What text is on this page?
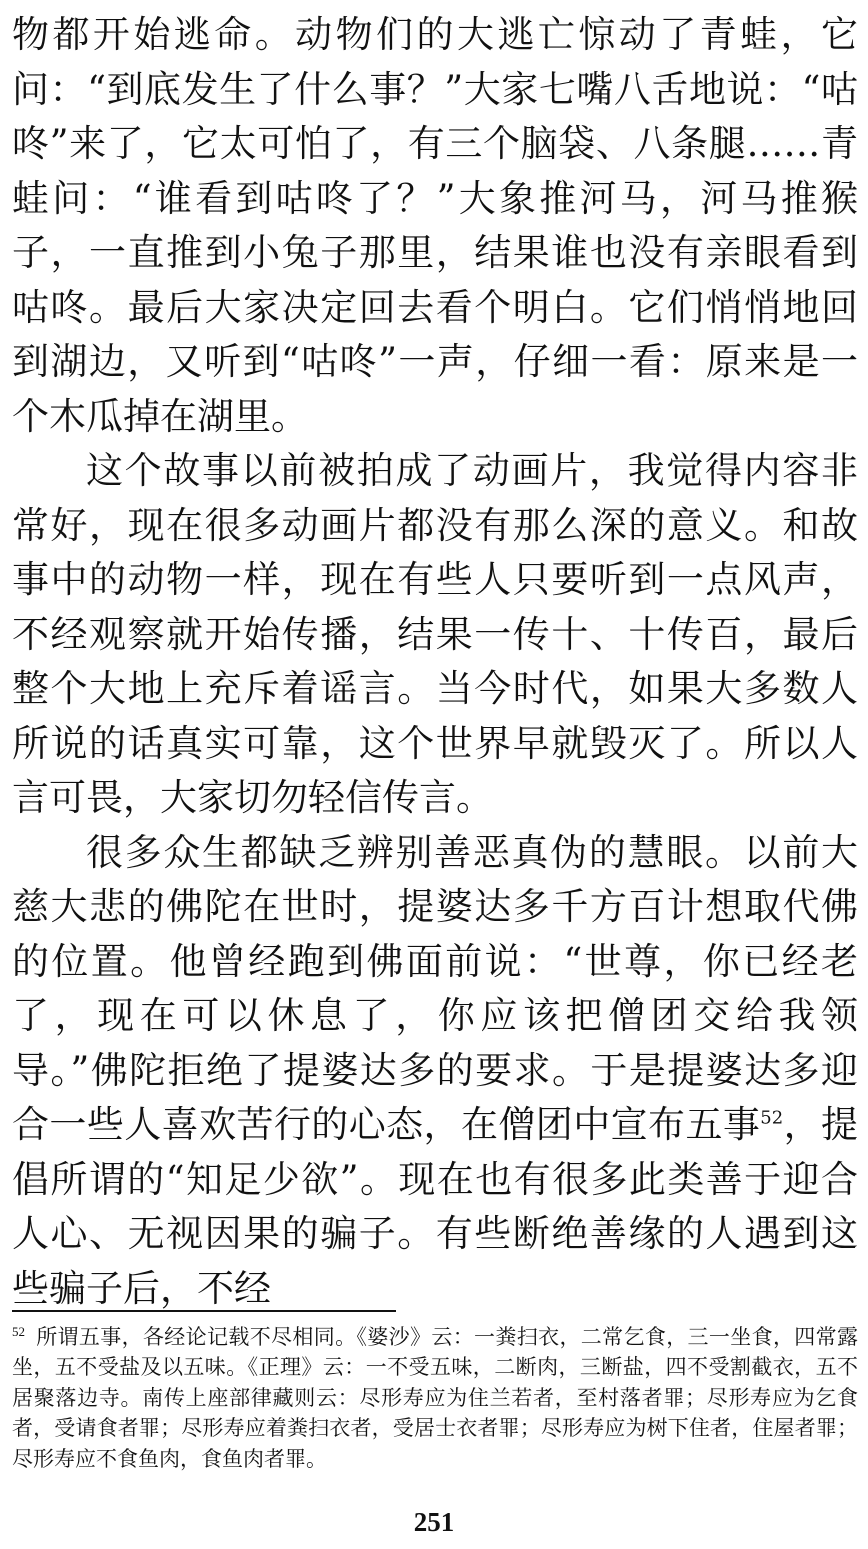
物都开始逃命。动物们的大逃亡惊动了青蛙，它问：“到底发生了什么事？”大家七嘴八舌地说：“咕咚”来了，它太可怕了，有三个脑袋、八条腿……青蛙问：“谁看到咕咚了？”大象推河马，河马推猴子，一直推到小兔子那里，结果谁也没有亲眼看到咕咚。最后大家决定回去看个明白。它们悄悄地回到湖边，又听到“咕咚”一声，仔细一看：原来是一个木瓜掉在湖里。

这个故事以前被拍成了动画片，我觉得内容非常好，现在很多动画片都没有那么深的意义。和故事中的动物一样，现在有些人只要听到一点风声，不经观察就开始传播，结果一传十、十传百，最后整个大地上充斥着谣言。当今时代，如果大多数人所说的话真实可靠，这个世界早就毁灭了。所以人言可畏，大家切勿轻信传言。

很多众生都缺乏辨别善恶真伪的慧眼。以前大慈大悲的佛陀在世时，提婆达多千方百计想取代佛的位置。他曾经跑到佛面前说：“世尊，你已经老了，现在可以休息了，你应该把僧团交给我领导。”佛陀拒绝了提婆达多的要求。于是提婆达多迎合一些人喜欢苦行的心态，在僧团中宣布五事$^{52}$，提倡所谓的“知足少欲”。现在也有很多此类善于迎合人心、无视因果的骗子。有些断绝善缘的人遇到这些骗子后，不经

$^{52}$ 所谓五事，各经论记载不尽相同。《婆沙》云：一粪扫衣，二常乞食，三一坐食，四常露坐，五不受盐及以五味。《正理》云：一不受五味，二断肉，三断盐，四不受割截衣，五不居聚落边寺。南传上座部律藏则云：尽形寿应为住兰若者，至村落者罪；尽形寿应为乞食者，受请食者罪；尽形寿应着粪扫衣者，受居士衣者罪；尽形寿应为树下住者，住屋者罪；尽形寿应不食鱼肉，食鱼肉者罪。

251
